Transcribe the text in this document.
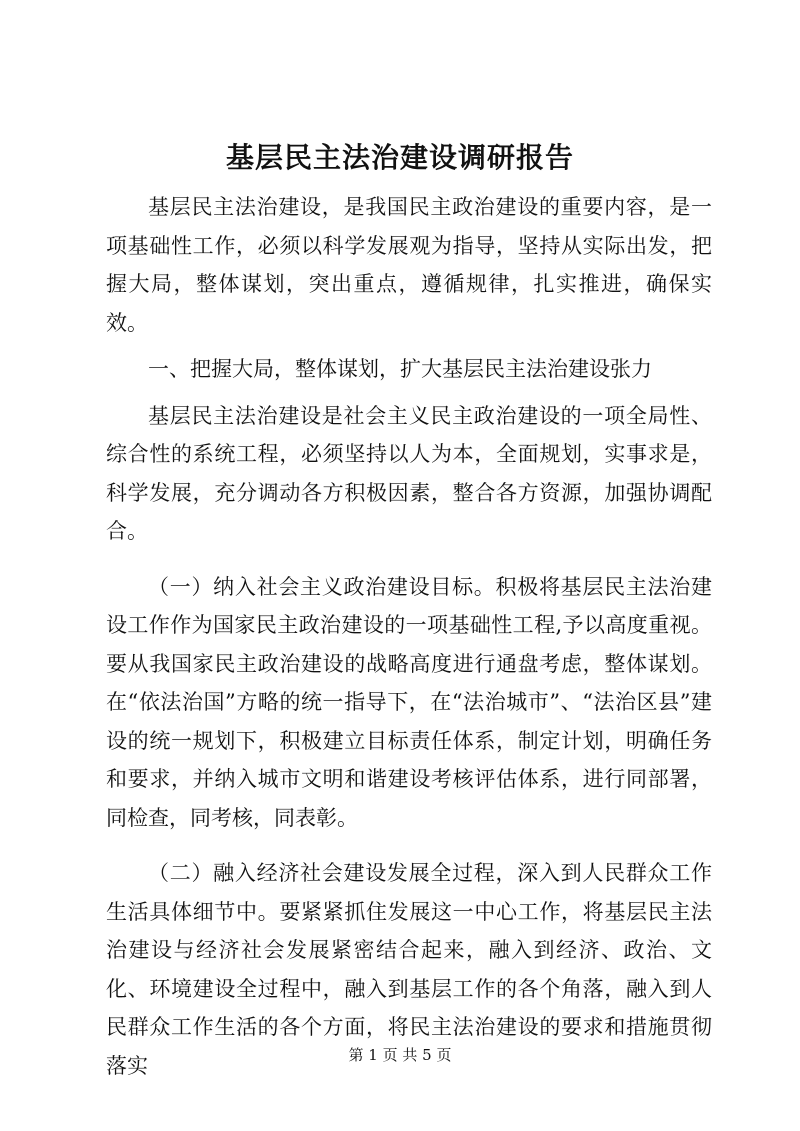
基层民主法治建设调研报告

基层民主法治建设，是我国民主政治建设的重要内容，是一项基础性工作，必须以科学发展观为指导，坚持从实际出发，把握大局，整体谋划，突出重点，遵循规律，扎实推进，确保实效。

一、把握大局，整体谋划，扩大基层民主法治建设张力

基层民主法治建设是社会主义民主政治建设的一项全局性、综合性的系统工程，必须坚持以人为本，全面规划，实事求是，科学发展，充分调动各方积极因素，整合各方资源，加强协调配合。

（一）纳入社会主义政治建设目标。积极将基层民主法治建设工作作为国家民主政治建设的一项基础性工程,予以高度重视。要从我国家民主政治建设的战略高度进行通盘考虑，整体谋划。在“依法治国”方略的统一指导下，在“法治城市”、“法治区县”建设的统一规划下，积极建立目标责任体系，制定计划，明确任务和要求，并纳入城市文明和谐建设考核评估体系，进行同部署，同检查，同考核，同表彰。

（二）融入经济社会建设发展全过程，深入到人民群众工作生活具体细节中。要紧紧抓住发展这一中心工作，将基层民主法治建设与经济社会发展紧密结合起来，融入到经济、政治、文化、环境建设全过程中，融入到基层工作的各个角落，融入到人民群众工作生活的各个方面，将民主法治建设的要求和措施贯彻落实	第 1 页 共 5 页
